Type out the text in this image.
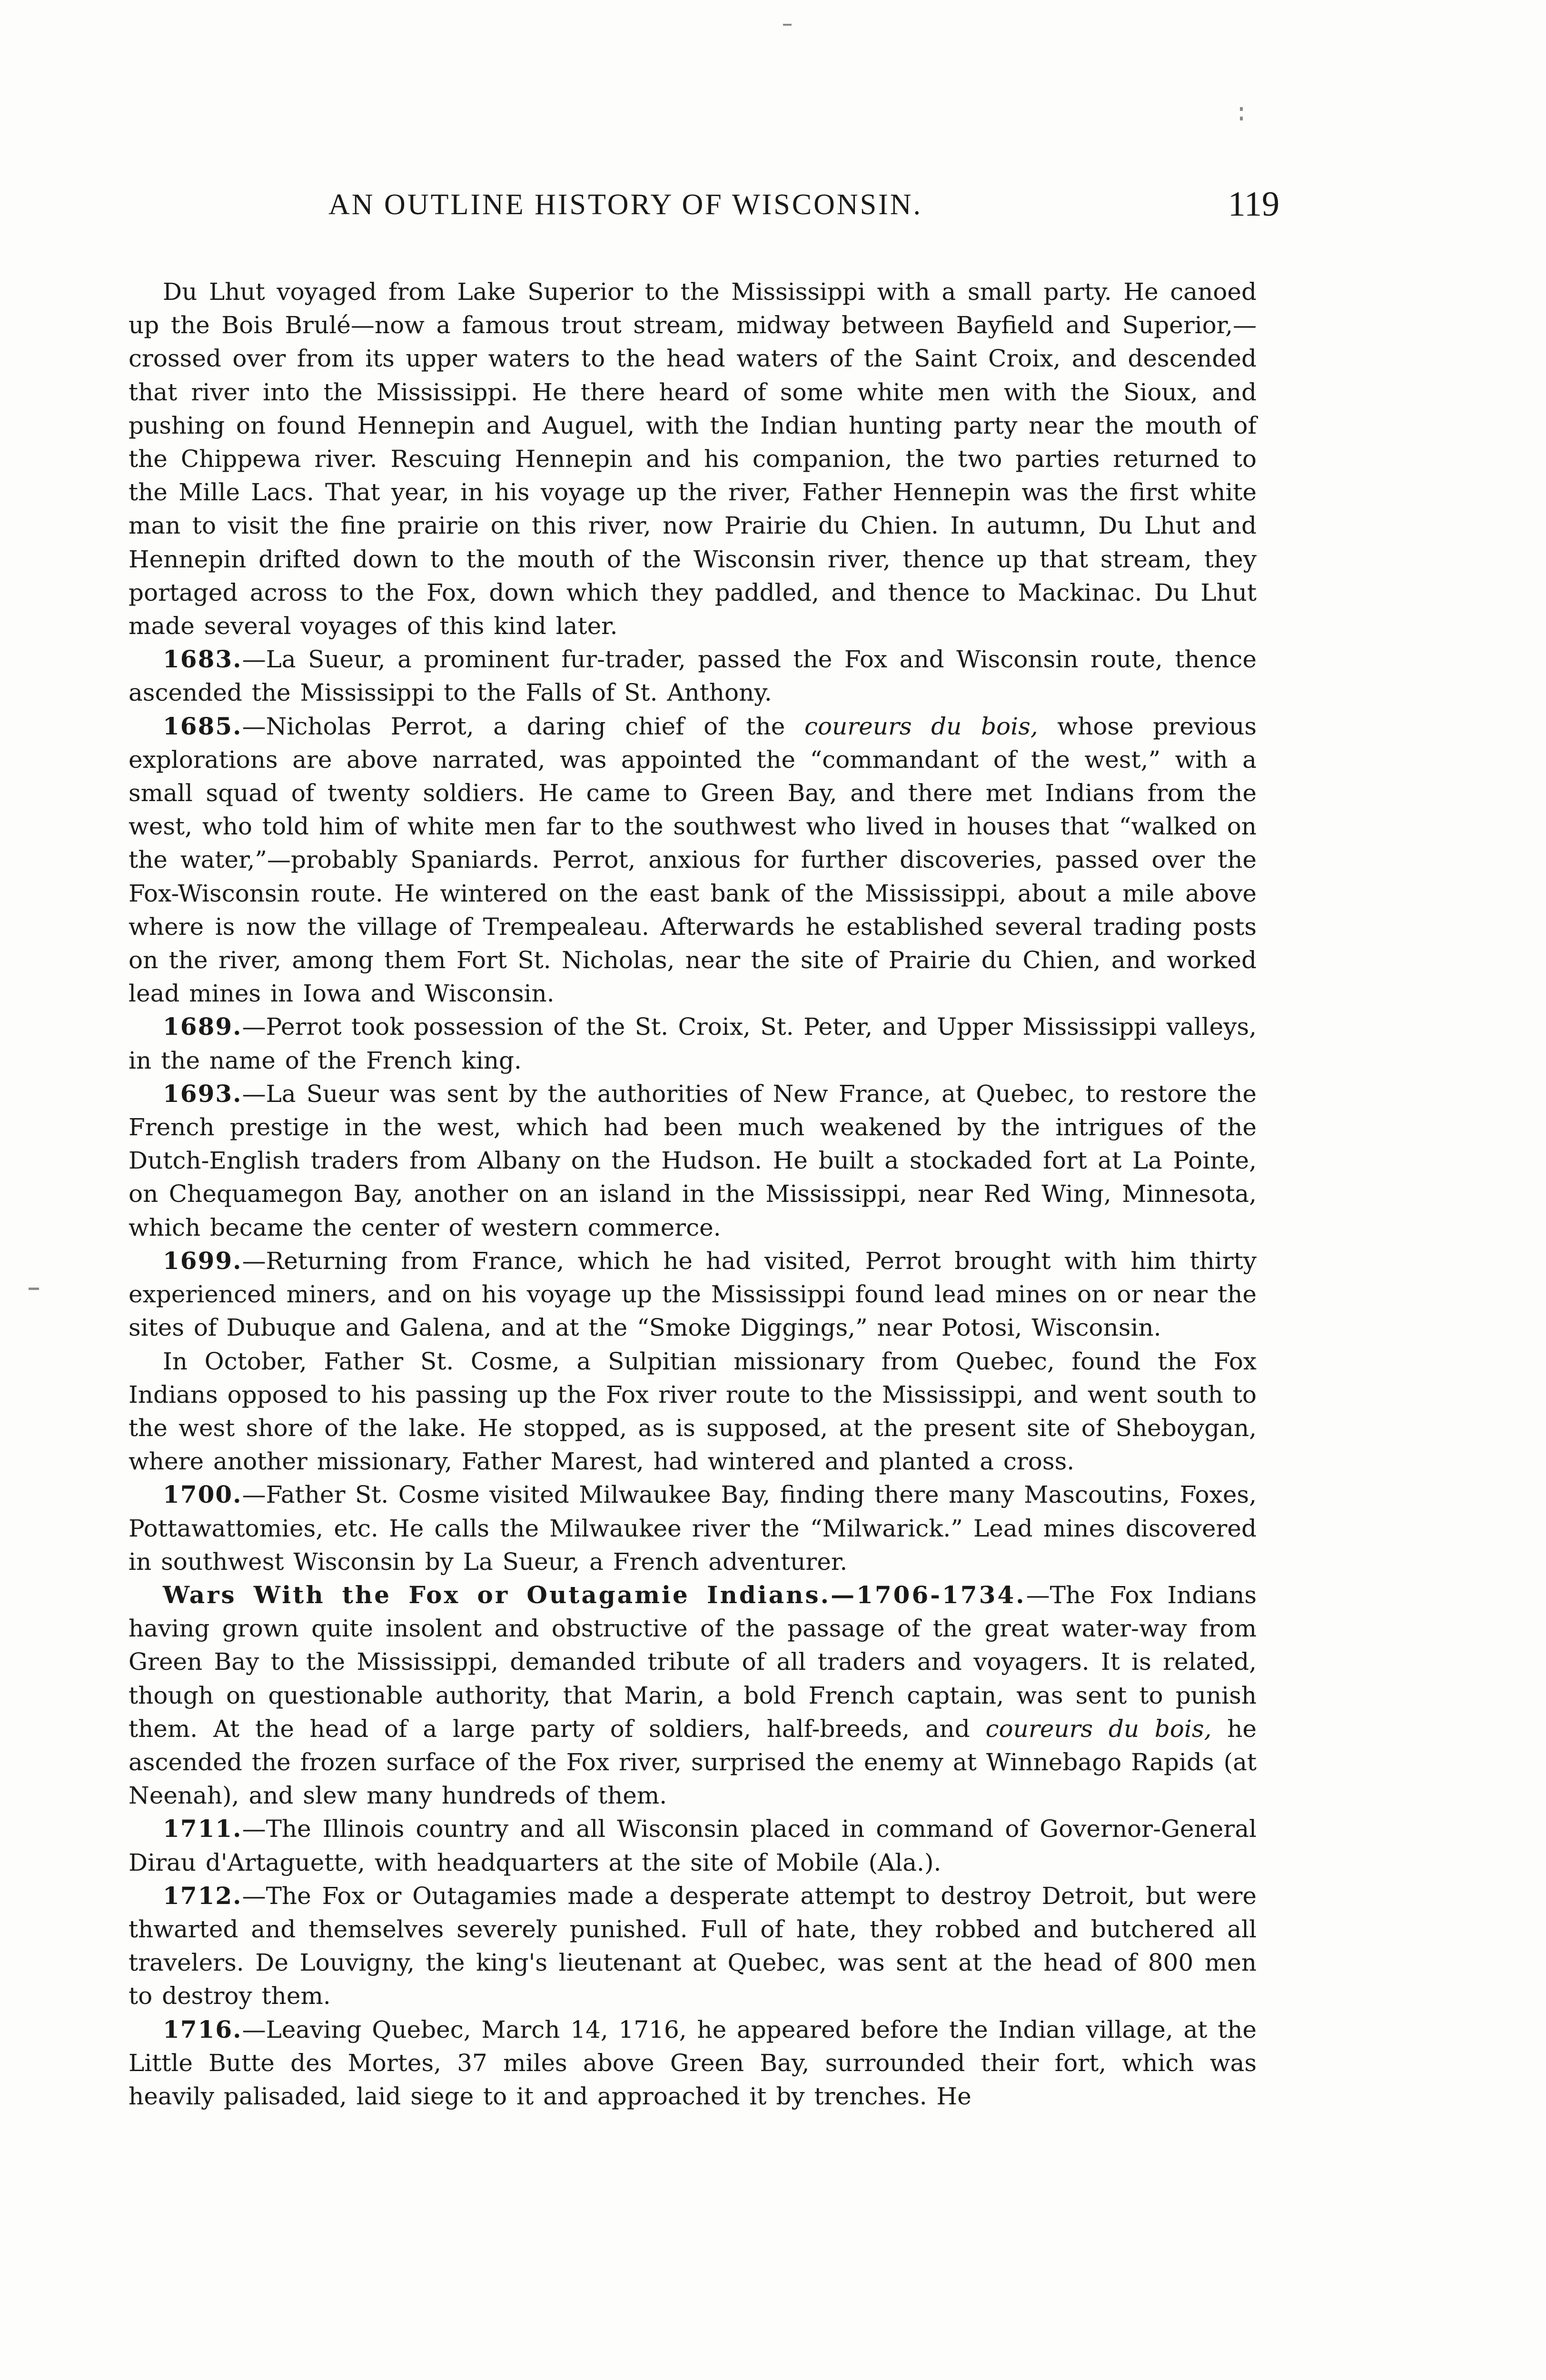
AN OUTLINE HISTORY OF WISCONSIN.	119

Du Lhut voyaged from Lake Superior to the Mississippi with a small party. He canoed up the Bois Brulé—now a famous trout stream, midway between Bayfield and Superior,—crossed over from its upper waters to the head waters of the Saint Croix, and descended that river into the Mississippi. He there heard of some white men with the Sioux, and pushing on found Hennepin and Auguel, with the Indian hunting party near the mouth of the Chippewa river. Rescuing Hennepin and his companion, the two parties returned to the Mille Lacs. That year, in his voyage up the river, Father Hennepin was the first white man to visit the fine prairie on this river, now Prairie du Chien. In autumn, Du Lhut and Hennepin drifted down to the mouth of the Wisconsin river, thence up that stream, they portaged across to the Fox, down which they paddled, and thence to Mackinac. Du Lhut made several voyages of this kind later.

1683.—La Sueur, a prominent fur-trader, passed the Fox and Wisconsin route, thence ascended the Mississippi to the Falls of St. Anthony.

1685.—Nicholas Perrot, a daring chief of the coureurs du bois, whose previous explorations are above narrated, was appointed the “commandant of the west,” with a small squad of twenty soldiers. He came to Green Bay, and there met Indians from the west, who told him of white men far to the southwest who lived in houses that “walked on the water,”—probably Spaniards. Perrot, anxious for further discoveries, passed over the Fox-Wisconsin route. He wintered on the east bank of the Mississippi, about a mile above where is now the village of Trempealeau. Afterwards he established several trading posts on the river, among them Fort St. Nicholas, near the site of Prairie du Chien, and worked lead mines in Iowa and Wisconsin.

1689.—Perrot took possession of the St. Croix, St. Peter, and Upper Mississippi valleys, in the name of the French king.

1693.—La Sueur was sent by the authorities of New France, at Quebec, to restore the French prestige in the west, which had been much weakened by the intrigues of the Dutch-English traders from Albany on the Hudson. He built a stockaded fort at La Pointe, on Chequamegon Bay, another on an island in the Mississippi, near Red Wing, Minnesota, which became the center of western commerce.

1699.—Returning from France, which he had visited, Perrot brought with him thirty experienced miners, and on his voyage up the Mississippi found lead mines on or near the sites of Dubuque and Galena, and at the “Smoke Diggings,” near Potosi, Wisconsin.

In October, Father St. Cosme, a Sulpitian missionary from Quebec, found the Fox Indians opposed to his passing up the Fox river route to the Mississippi, and went south to the west shore of the lake. He stopped, as is supposed, at the present site of Sheboygan, where another missionary, Father Marest, had wintered and planted a cross.

1700.—Father St. Cosme visited Milwaukee Bay, finding there many Mascoutins, Foxes, Pottawattomies, etc. He calls the Milwaukee river the “Milwarick.” Lead mines discovered in southwest Wisconsin by La Sueur, a French adventurer.

Wars With the Fox or Outagamie Indians.—1706-1734.—The Fox Indians having grown quite insolent and obstructive of the passage of the great water-way from Green Bay to the Mississippi, demanded tribute of all traders and voyagers. It is related, though on questionable authority, that Marin, a bold French captain, was sent to punish them. At the head of a large party of soldiers, half-breeds, and coureurs du bois, he ascended the frozen surface of the Fox river, surprised the enemy at Winnebago Rapids (at Neenah), and slew many hundreds of them.

1711.—The Illinois country and all Wisconsin placed in command of Governor-General Dirau d'Artaguette, with headquarters at the site of Mobile (Ala.).

1712.—The Fox or Outagamies made a desperate attempt to destroy Detroit, but were thwarted and themselves severely punished. Full of hate, they robbed and butchered all travelers. De Louvigny, the king's lieutenant at Quebec, was sent at the head of 800 men to destroy them.

1716.—Leaving Quebec, March 14, 1716, he appeared before the Indian village, at the Little Butte des Mortes, 37 miles above Green Bay, surrounded their fort, which was heavily palisaded, laid siege to it and approached it by trenches. He
